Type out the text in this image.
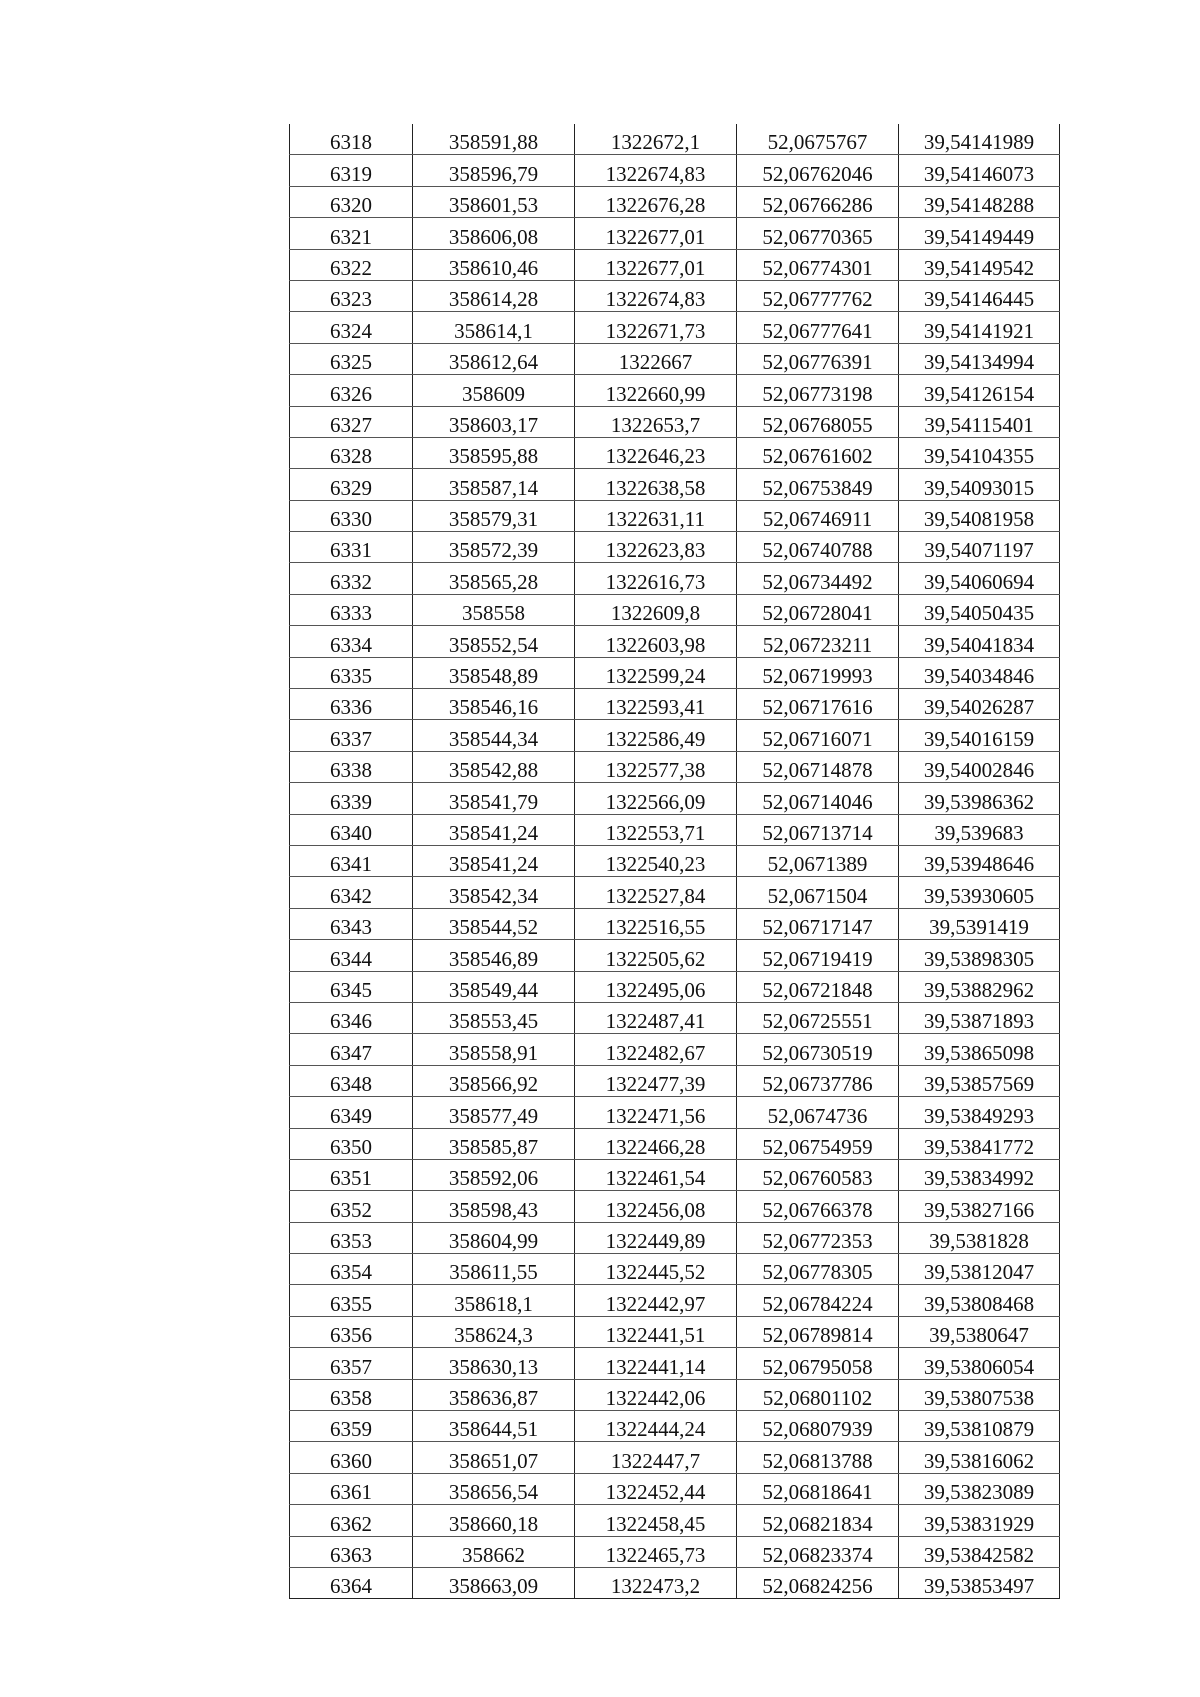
6318	358591,88	1322672,1	52,0675767	39,54141989
6319	358596,79	1322674,83	52,06762046	39,54146073
6320	358601,53	1322676,28	52,06766286	39,54148288
6321	358606,08	1322677,01	52,06770365	39,54149449
6322	358610,46	1322677,01	52,06774301	39,54149542
6323	358614,28	1322674,83	52,06777762	39,54146445
6324	358614,1	1322671,73	52,06777641	39,54141921
6325	358612,64	1322667	52,06776391	39,54134994
6326	358609	1322660,99	52,06773198	39,54126154
6327	358603,17	1322653,7	52,06768055	39,54115401
6328	358595,88	1322646,23	52,06761602	39,54104355
6329	358587,14	1322638,58	52,06753849	39,54093015
6330	358579,31	1322631,11	52,06746911	39,54081958
6331	358572,39	1322623,83	52,06740788	39,54071197
6332	358565,28	1322616,73	52,06734492	39,54060694
6333	358558	1322609,8	52,06728041	39,54050435
6334	358552,54	1322603,98	52,06723211	39,54041834
6335	358548,89	1322599,24	52,06719993	39,54034846
6336	358546,16	1322593,41	52,06717616	39,54026287
6337	358544,34	1322586,49	52,06716071	39,54016159
6338	358542,88	1322577,38	52,06714878	39,54002846
6339	358541,79	1322566,09	52,06714046	39,53986362
6340	358541,24	1322553,71	52,06713714	39,539683
6341	358541,24	1322540,23	52,0671389	39,53948646
6342	358542,34	1322527,84	52,0671504	39,53930605
6343	358544,52	1322516,55	52,06717147	39,5391419
6344	358546,89	1322505,62	52,06719419	39,53898305
6345	358549,44	1322495,06	52,06721848	39,53882962
6346	358553,45	1322487,41	52,06725551	39,53871893
6347	358558,91	1322482,67	52,06730519	39,53865098
6348	358566,92	1322477,39	52,06737786	39,53857569
6349	358577,49	1322471,56	52,0674736	39,53849293
6350	358585,87	1322466,28	52,06754959	39,53841772
6351	358592,06	1322461,54	52,06760583	39,53834992
6352	358598,43	1322456,08	52,06766378	39,53827166
6353	358604,99	1322449,89	52,06772353	39,5381828
6354	358611,55	1322445,52	52,06778305	39,53812047
6355	358618,1	1322442,97	52,06784224	39,53808468
6356	358624,3	1322441,51	52,06789814	39,5380647
6357	358630,13	1322441,14	52,06795058	39,53806054
6358	358636,87	1322442,06	52,06801102	39,53807538
6359	358644,51	1322444,24	52,06807939	39,53810879
6360	358651,07	1322447,7	52,06813788	39,53816062
6361	358656,54	1322452,44	52,06818641	39,53823089
6362	358660,18	1322458,45	52,06821834	39,53831929
6363	358662	1322465,73	52,06823374	39,53842582
6364	358663,09	1322473,2	52,06824256	39,53853497
